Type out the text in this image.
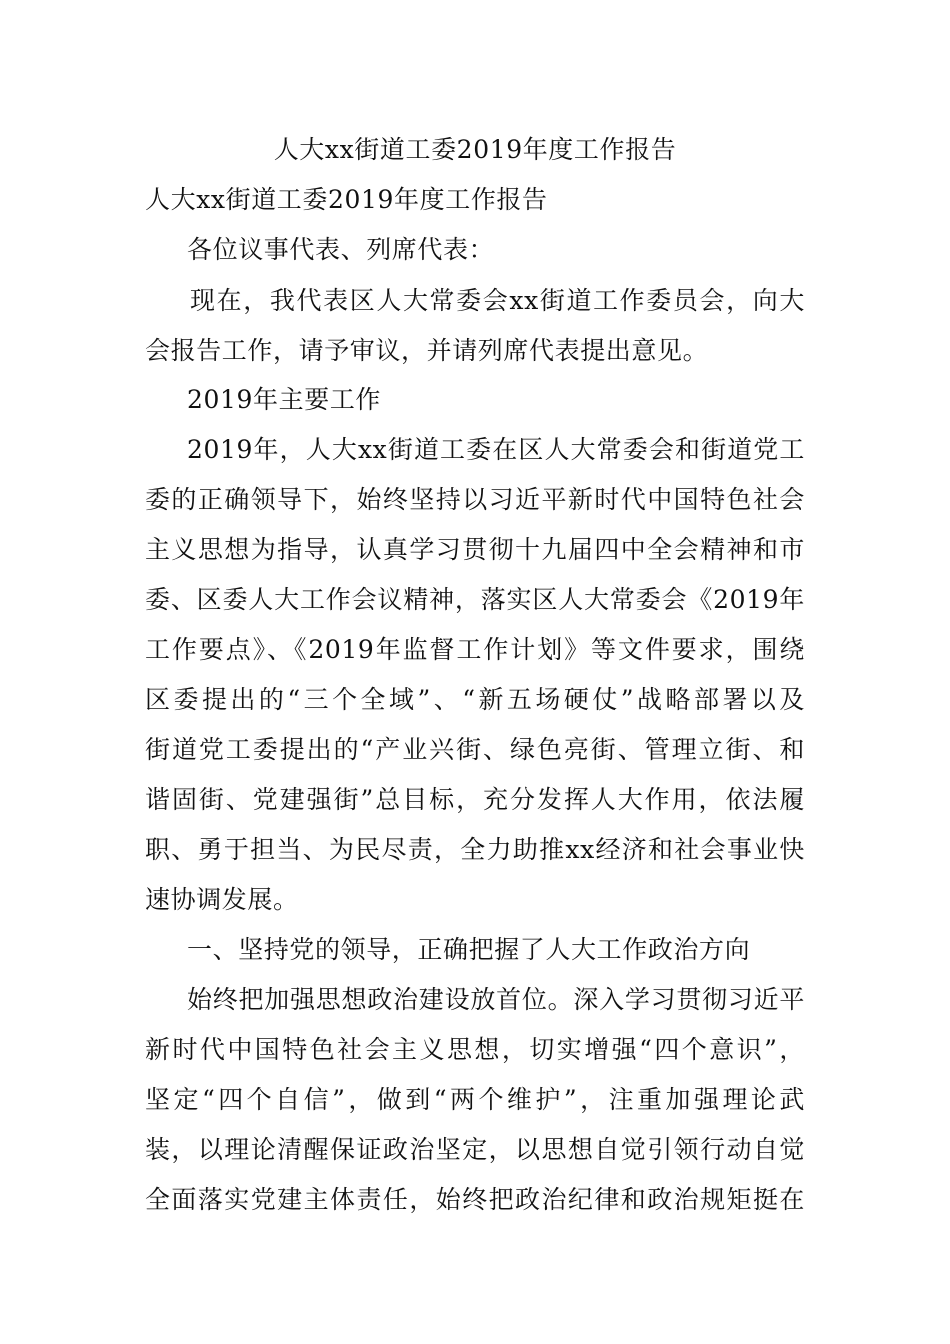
人大xx街道工委2019年度工作报告

人大xx街道工委2019年度工作报告

各位议事代表、列席代表：

现在，我代表区人大常委会xx街道工作委员会，向大

会报告工作，请予审议，并请列席代表提出意见。

2019年主要工作

2019年，人大xx街道工委在区人大常委会和街道党工

委的正确领导下，始终坚持以习近平新时代中国特色社会

主义思想为指导，认真学习贯彻十九届四中全会精神和市

委、区委人大工作会议精神，落实区人大常委会《2019年

工作要点》、《2019年监督工作计划》等文件要求，围绕

区委提出的“三个全域”、“新五场硬仗”战略部署以及

街道党工委提出的“产业兴街、绿色亮街、管理立街、和

谐固街、党建强街”总目标，充分发挥人大作用，依法履

职、勇于担当、为民尽责，全力助推xx经济和社会事业快

速协调发展。

一、坚持党的领导，正确把握了人大工作政治方向

始终把加强思想政治建设放首位。深入学习贯彻习近平

新时代中国特色社会主义思想，切实增强“四个意识”，

坚定“四个自信”，做到“两个维护”，注重加强理论武

装，以理论清醒保证政治坚定，以思想自觉引领行动自觉

全面落实党建主体责任，始终把政治纪律和政治规矩挺在
